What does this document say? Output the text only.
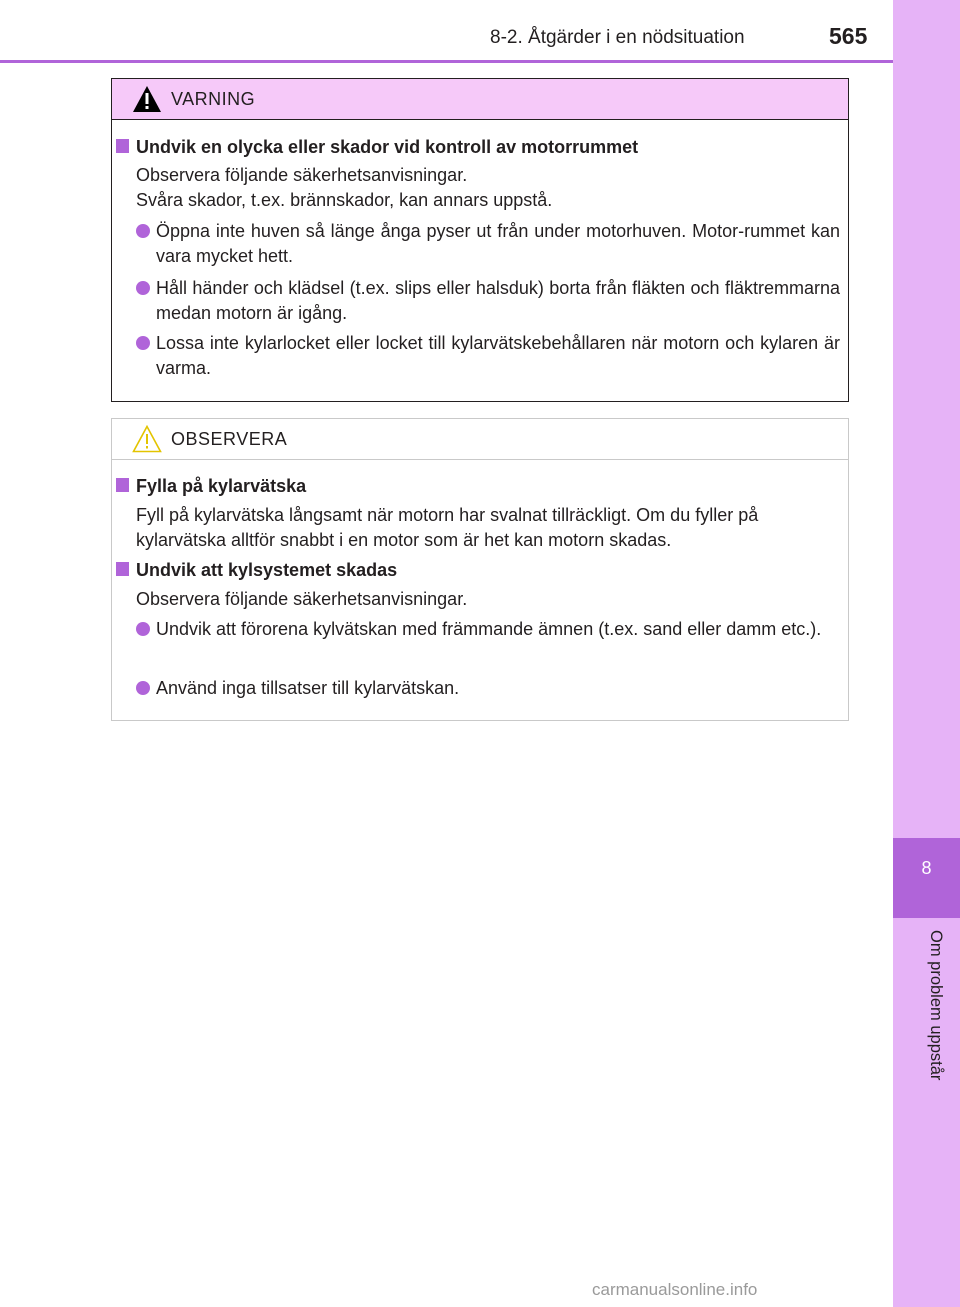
8
Om problem uppstår
8-2. Åtgärder i en nödsituation	565
VARNING
Undvik en olycka eller skador vid kontroll av motorrummet
Observera följande säkerhetsanvisningar.
Svåra skador, t.ex. brännskador, kan annars uppstå.
Öppna inte huven så länge ånga pyser ut från under motorhuven. Motor-rummet kan vara mycket hett.
Håll händer och klädsel (t.ex. slips eller halsduk) borta från fläkten och fläktremmarna medan motorn är igång.
Lossa inte kylarlocket eller locket till kylarvätskebehållaren när motorn och kylaren är varma.
OBSERVERA
Fylla på kylarvätska
Fyll på kylarvätska långsamt när motorn har svalnat tillräckligt. Om du fyller på kylarvätska alltför snabbt i en motor som är het kan motorn skadas.
Undvik att kylsystemet skadas
Observera följande säkerhetsanvisningar.
Undvik att förorena kylvätskan med främmande ämnen (t.ex. sand eller damm etc.).
Använd inga tillsatser till kylarvätskan.
carmanualsonline.info
